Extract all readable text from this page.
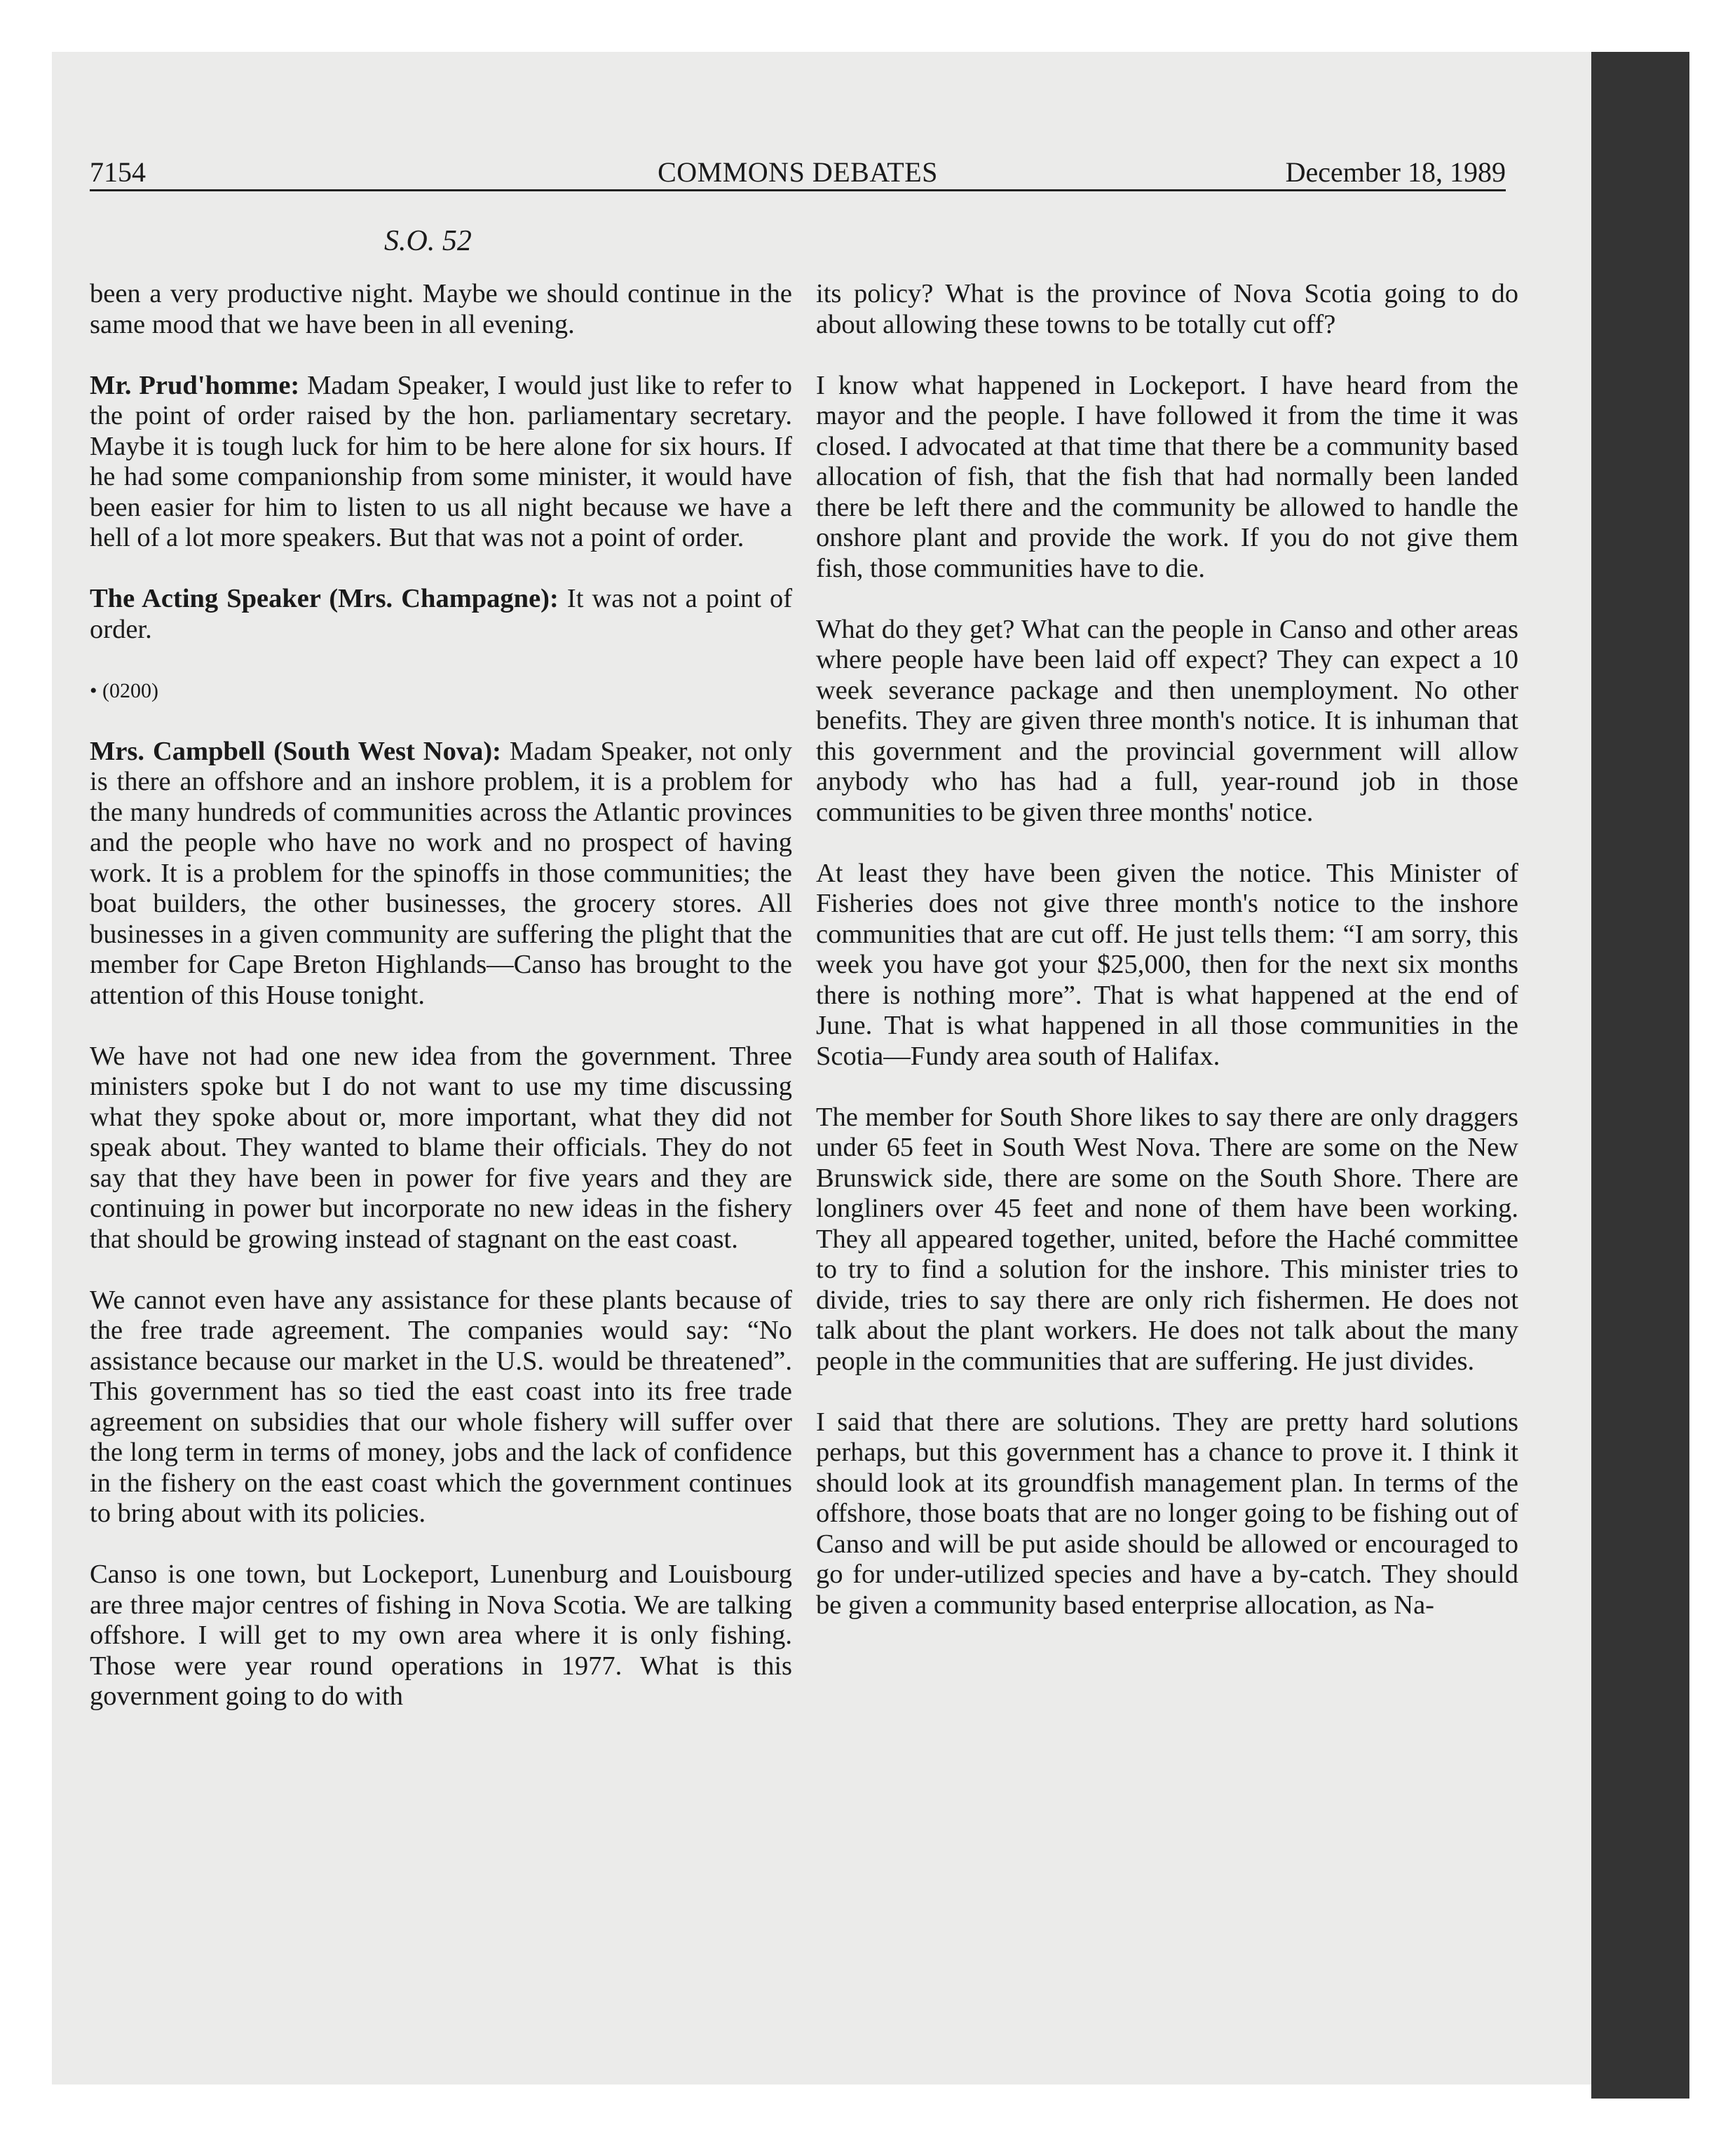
7154	COMMONS DEBATES	December 18, 1989
S.O. 52

been a very productive night. Maybe we should continue in the same mood that we have been in all evening.

Mr. Prud'homme: Madam Speaker, I would just like to refer to the point of order raised by the hon. parliamentary secretary. Maybe it is tough luck for him to be here alone for six hours. If he had some companionship from some minister, it would have been easier for him to listen to us all night because we have a hell of a lot more speakers. But that was not a point of order.

The Acting Speaker (Mrs. Champagne): It was not a point of order.

• (0200)

Mrs. Campbell (South West Nova): Madam Speaker, not only is there an offshore and an inshore problem, it is a problem for the many hundreds of communities across the Atlantic provinces and the people who have no work and no prospect of having work. It is a problem for the spinoffs in those communities; the boat builders, the other businesses, the grocery stores. All businesses in a given community are suffering the plight that the member for Cape Breton Highlands—Canso has brought to the attention of this House tonight.

We have not had one new idea from the government. Three ministers spoke but I do not want to use my time discussing what they spoke about or, more important, what they did not speak about. They wanted to blame their officials. They do not say that they have been in power for five years and they are continuing in power but incorporate no new ideas in the fishery that should be growing instead of stagnant on the east coast.

We cannot even have any assistance for these plants because of the free trade agreement. The companies would say: “No assistance because our market in the U.S. would be threatened”. This government has so tied the east coast into its free trade agreement on subsidies that our whole fishery will suffer over the long term in terms of money, jobs and the lack of confidence in the fishery on the east coast which the government continues to bring about with its policies.

Canso is one town, but Lockeport, Lunenburg and Louisbourg are three major centres of fishing in Nova Scotia. We are talking offshore. I will get to my own area where it is only fishing. Those were year round operations in 1977. What is this government going to do with

its policy? What is the province of Nova Scotia going to do about allowing these towns to be totally cut off?

I know what happened in Lockeport. I have heard from the mayor and the people. I have followed it from the time it was closed. I advocated at that time that there be a community based allocation of fish, that the fish that had normally been landed there be left there and the community be allowed to handle the onshore plant and provide the work. If you do not give them fish, those communities have to die.

What do they get? What can the people in Canso and other areas where people have been laid off expect? They can expect a 10 week severance package and then unemployment. No other benefits. They are given three month's notice. It is inhuman that this government and the provincial government will allow anybody who has had a full, year-round job in those communities to be given three months' notice.

At least they have been given the notice. This Minister of Fisheries does not give three month's notice to the inshore communities that are cut off. He just tells them: “I am sorry, this week you have got your $25,000, then for the next six months there is nothing more”. That is what happened at the end of June. That is what happened in all those communities in the Scotia—Fundy area south of Halifax.

The member for South Shore likes to say there are only draggers under 65 feet in South West Nova. There are some on the New Brunswick side, there are some on the South Shore. There are longliners over 45 feet and none of them have been working. They all appeared together, united, before the Haché committee to try to find a solution for the inshore. This minister tries to divide, tries to say there are only rich fishermen. He does not talk about the plant workers. He does not talk about the many people in the communities that are suffering. He just divides.

I said that there are solutions. They are pretty hard solutions perhaps, but this government has a chance to prove it. I think it should look at its groundfish management plan. In terms of the offshore, those boats that are no longer going to be fishing out of Canso and will be put aside should be allowed or encouraged to go for under-utilized species and have a by-catch. They should be given a community based enterprise allocation, as Na-
